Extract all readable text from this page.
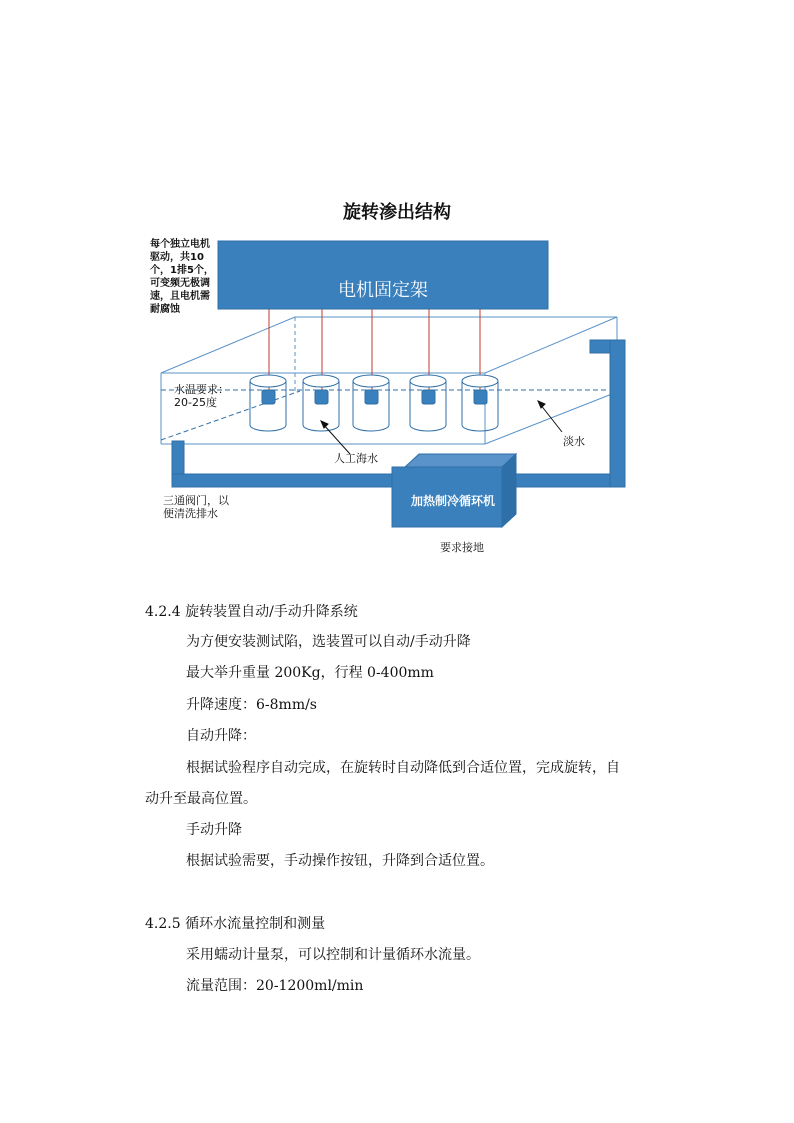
旋转渗出结构
每个独立电机驱动，共10个，1排5个，可变频无极调速，且电机需耐腐蚀
电机固定架
水温要求：20-25度
人工海水
淡水
加热制冷循环机
三通阀门，以便清洗排水
要求接地
4.2.4 旋转装置自动/手动升降系统
为方便安装测试陷，选装置可以自动/手动升降
最大举升重量 200Kg，行程 0-400mm
升降速度：6-8mm/s
自动升降：
根据试验程序自动完成，在旋转时自动降低到合适位置，完成旋转，自
动升至最高位置。
手动升降
根据试验需要，手动操作按钮，升降到合适位置。
4.2.5 循环水流量控制和测量
采用蠕动计量泵，可以控制和计量循环水流量。
流量范围：20-1200ml/min
